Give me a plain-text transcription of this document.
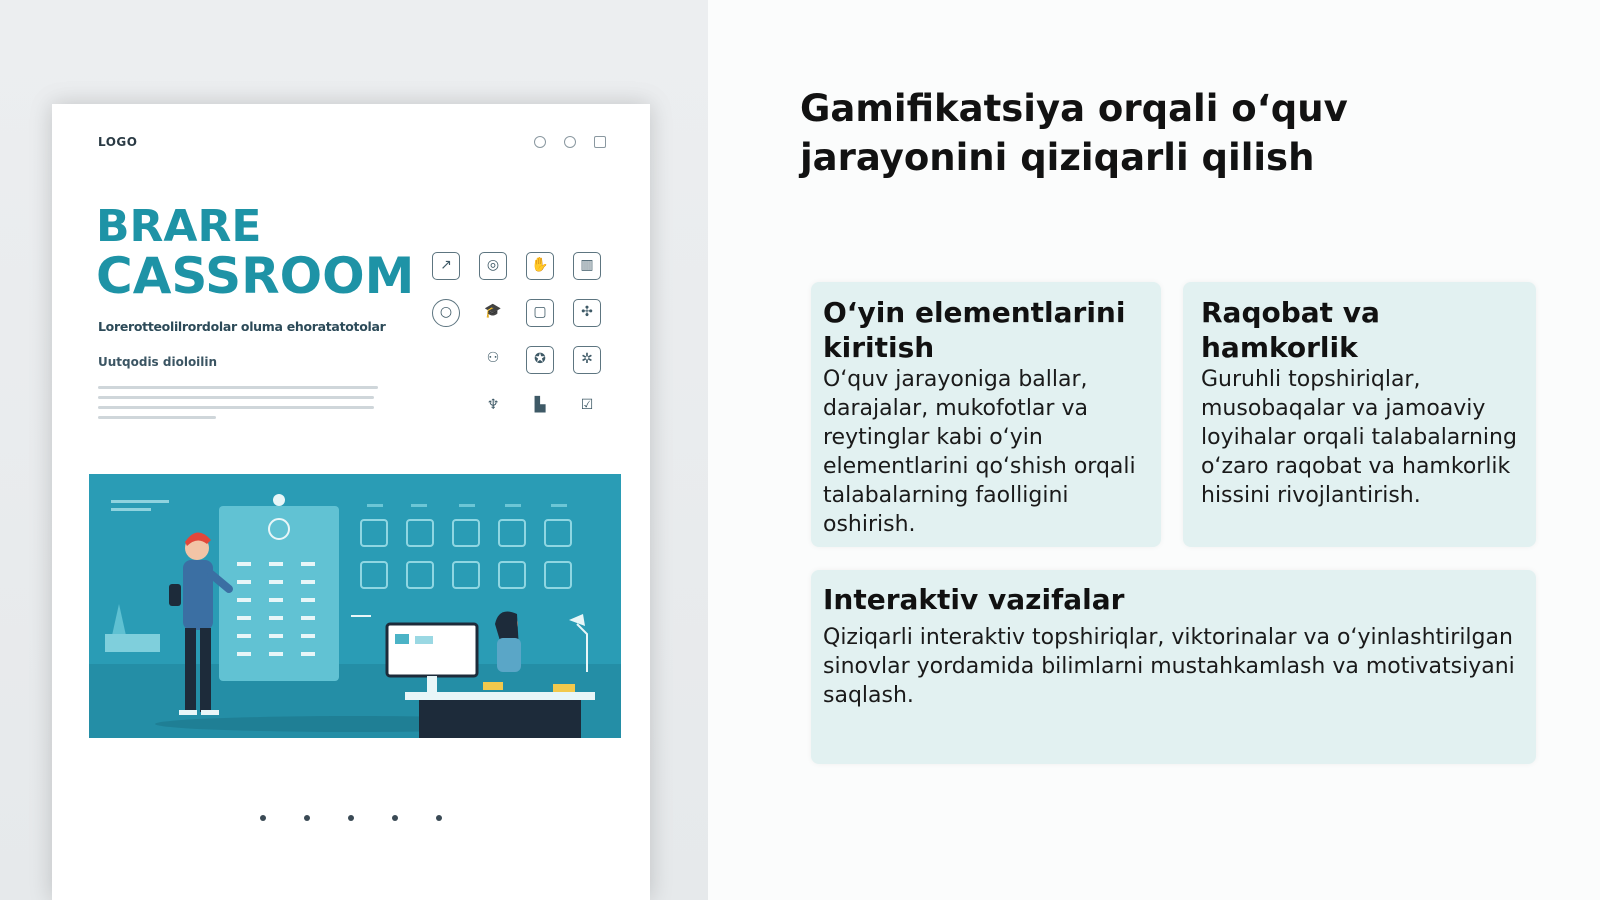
LOGO
BRARE
CASSROOM
Lorerotteolilrordolar oluma ehoratatotolar
Uutqodis dioloilin
↗	◎	✋	▥
○	🎓	▢	✣
⚇	✪	✲
♆	▙	☑
Gamifikatsiya orqali o‘quv jarayonini qiziqarli qilish
O‘yin elementlarini kiritish

O‘quv jarayoniga ballar, darajalar, mukofotlar va reytinglar kabi o‘yin elementlarini qo‘shish orqali talabalarning faolligini oshirish.

Raqobat va hamkorlik

Guruhli topshiriqlar, musobaqalar va jamoaviy loyihalar orqali talabalarning o‘zaro raqobat va hamkorlik hissini rivojlantirish.

Interaktiv vazifalar

Qiziqarli interaktiv topshiriqlar, viktorinalar va o‘yinlashtirilgan sinovlar yordamida bilimlarni mustahkamlash va motivatsiyani saqlash.
